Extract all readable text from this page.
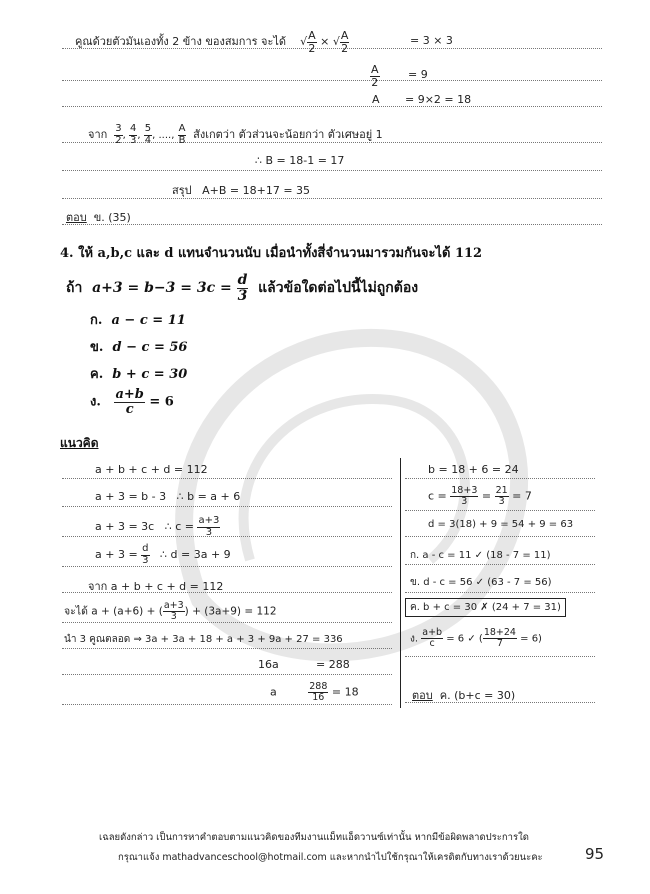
คูณด้วยตัวมันเองทั้ง 2 ข้าง ของสมการ จะได้ √ $\frac{A}{2}$ × √ $\frac{A}{2}$	= 3 × 3
$\frac{A}{2}$	= 9
A = 9×2 = 18
จาก $\frac{3}{2}$ , $\frac{4}{3}$ , $\frac{5}{4}$ , ...., $\frac{A}{B}$ สังเกตว่า ตัวส่วนจะน้อยกว่า ตัวเศษอยู่ 1
∴ B = 18-1 = 17
สรุป A+B = 18+17 = 35
ตอบ ข. (35)
4. ให้ a,b,c และ d แทนจำนวนนับ เมื่อนำทั้งสี่จำนวนมารวมกันจะได้ 112
ถ้า $a+3 = b-3 = 3c = \frac{d}{3}$ แล้วข้อใดต่อไปนี้ไม่ถูกต้อง
ก. a − c = 11
ข. d − c = 56
ค. b + c = 30
ง. $\frac{a+b}{c} = 6$
แนวคิด
a + b + c + d = 112
a + 3 = b - 3 ∴ b = a + 6
a + 3 = 3c ∴ $c = \frac{a+3}{3}$
$a + 3 = \frac{d}{3}$ ∴ d = 3a + 9
จาก a + b + c + d = 112
จะได้ a + (a+6) + ( $\frac{a+3}{3}$ ) + (3a+9) = 112
นำ 3 คูณตลอด ⇒ 3a + 3a + 18 + a + 3 + 9a + 27 = 336
16a	= 288
a	$\frac{288}{16} = 18$
b = 18 + 6 = 24
$c = \frac{18+3}{3} = \frac{21}{3} = 7$
d = 3(18) + 9 = 54 + 9 = 63
ก. a - c = 11 ✓ (18 - 7 = 11)
ข. d - c = 56 ✓ (63 - 7 = 56)
ค. b + c = 30 ✗ (24 + 7 = 31)
ง. $\frac{a+b}{c} = 6$ ✓ ( $\frac{18+24}{7} = 6$)
ตอบ ค. (b+c = 30)
เฉลยดังกล่าว เป็นการหาคำตอบตามแนวคิดของทีมงานแม็ทแอ็ดวานซ์เท่านั้น หากมีข้อผิดพลาดประการใด
กรุณาแจ้ง mathadvanceschool@hotmail.com และหากนำไปใช้กรุณาให้เครดิตกับทางเราด้วยนะคะ	95
